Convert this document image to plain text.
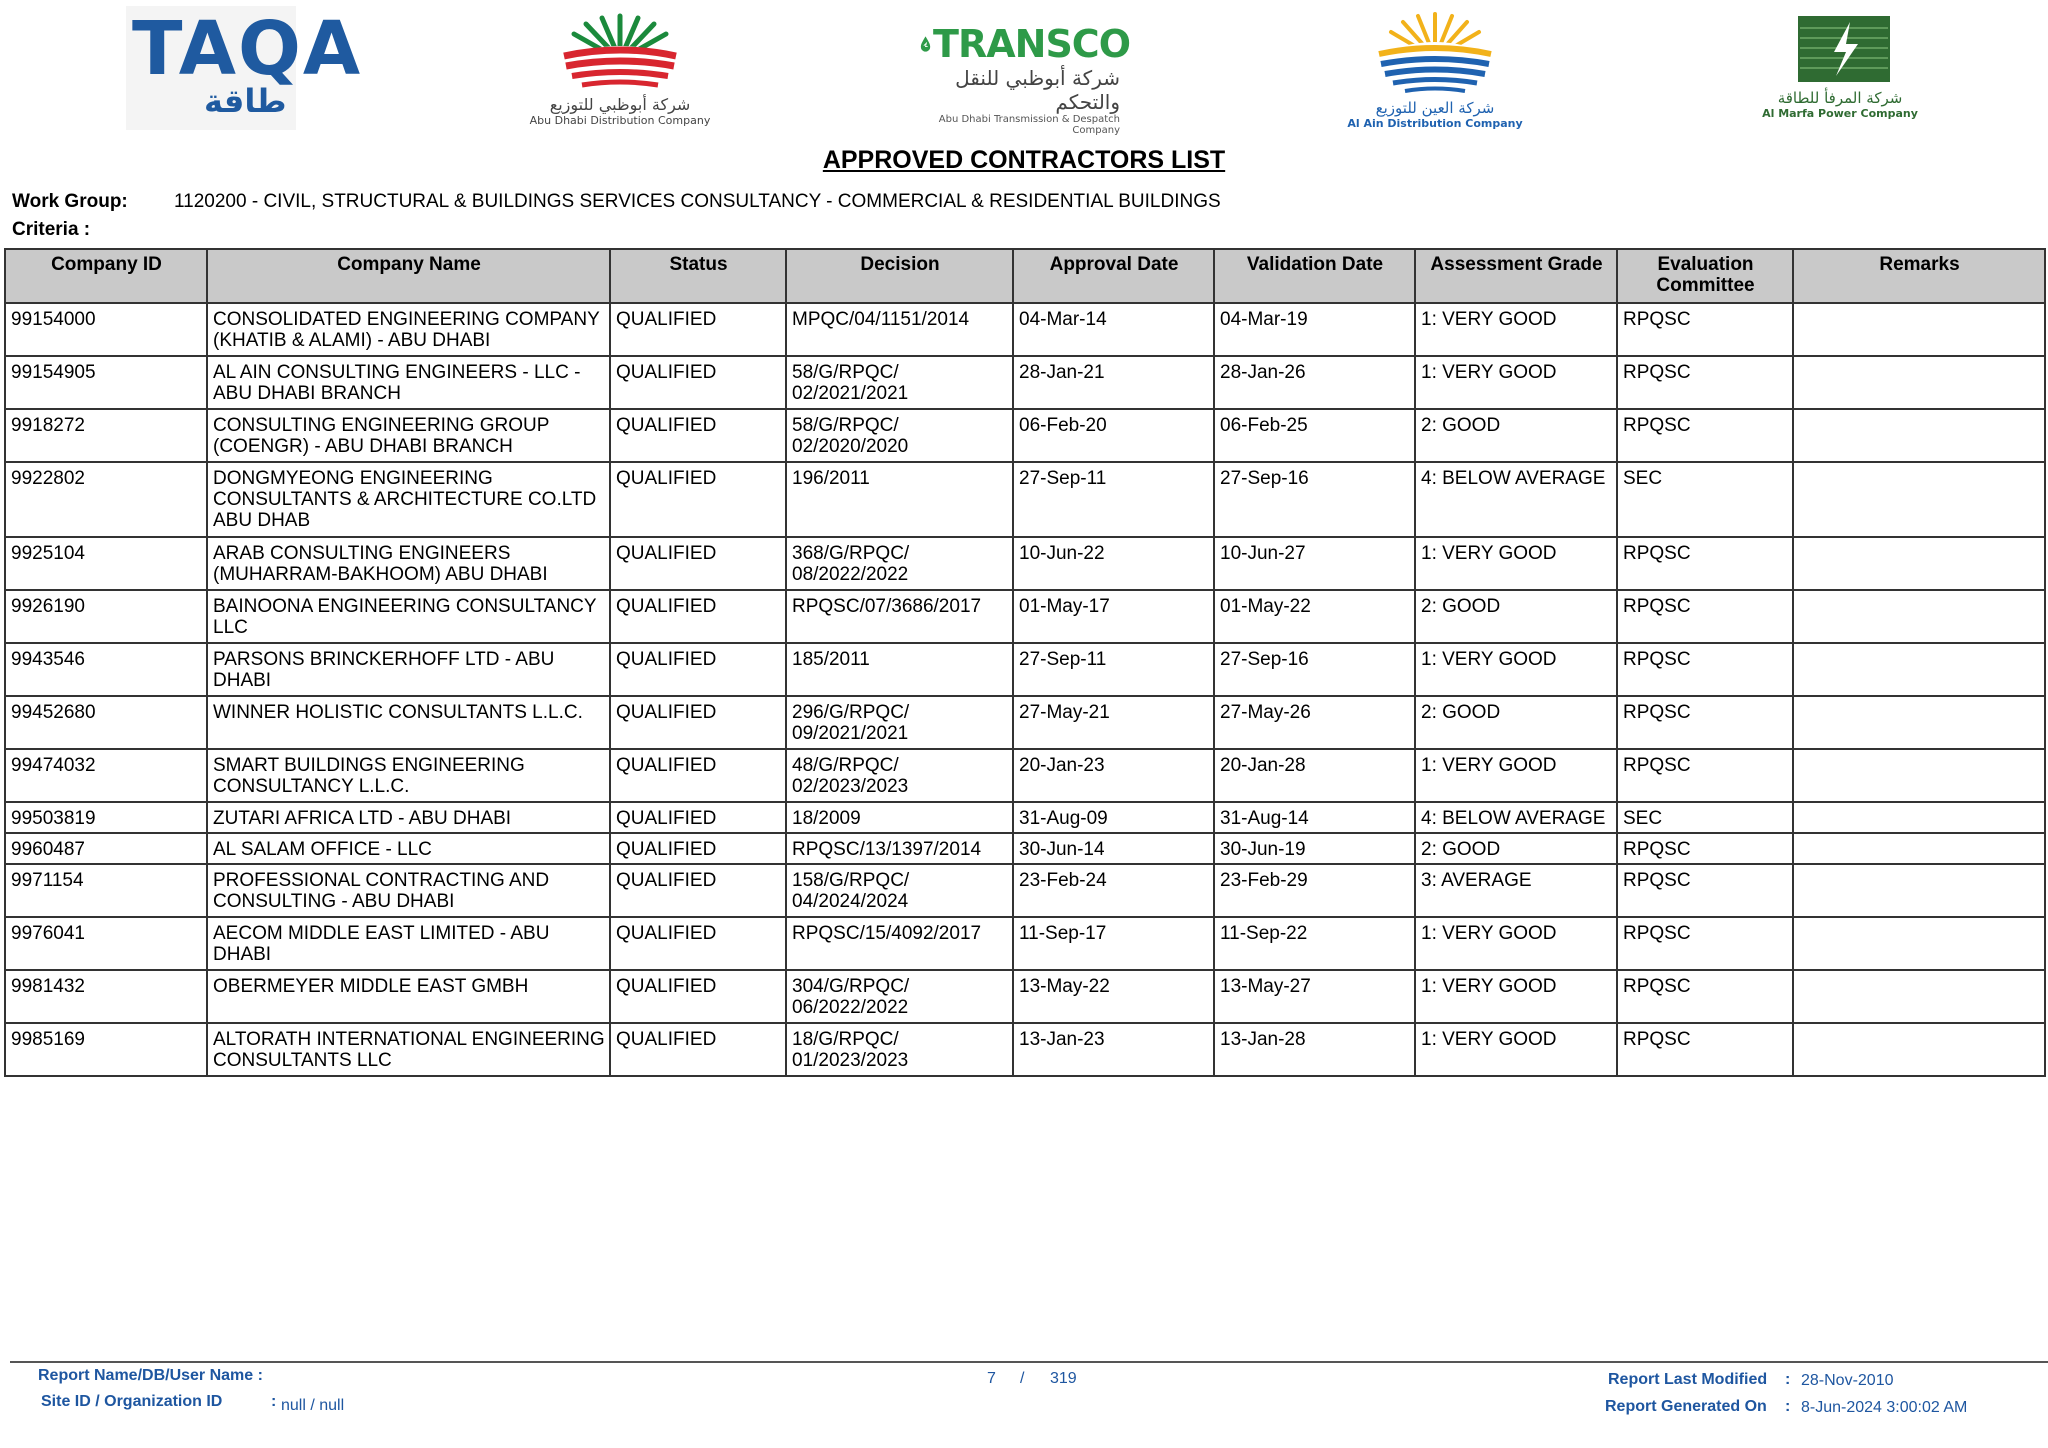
TAQA
طاقة	شركة أبوظبي للتوزيع
Abu Dhabi Distribution Company
TRANSCO
شركة أبوظبي للنقل والتحكم
Abu Dhabi Transmission & Despatch Company
شركة العين للتوزيع
Al Ain Distribution Company
شركة المرفأ للطاقة
Al Marfa Power Company
APPROVED CONTRACTORS LIST
Work Group: 1120200 - CIVIL, STRUCTURAL & BUILDINGS SERVICES CONSULTANCY - COMMERCIAL & RESIDENTIAL BUILDINGS
Criteria :
Company ID	Company Name	Status	Decision	Approval Date	Validation Date	Assessment Grade	Evaluation Committee	Remarks
99154000	CONSOLIDATED ENGINEERING COMPANY (KHATIB & ALAMI) - ABU DHABI	QUALIFIED	MPQC/04/1151/2014	04-Mar-14	04-Mar-19	1: VERY GOOD	RPQSC	
99154905	AL AIN CONSULTING ENGINEERS - LLC - ABU DHABI BRANCH	QUALIFIED	58/G/RPQC/ 02/2021/2021	28-Jan-21	28-Jan-26	1: VERY GOOD	RPQSC	
9918272	CONSULTING ENGINEERING GROUP (COENGR) - ABU DHABI BRANCH	QUALIFIED	58/G/RPQC/ 02/2020/2020	06-Feb-20	06-Feb-25	2: GOOD	RPQSC	
9922802	DONGMYEONG ENGINEERING CONSULTANTS & ARCHITECTURE CO.LTD ABU DHAB	QUALIFIED	196/2011	27-Sep-11	27-Sep-16	4: BELOW AVERAGE	SEC	
9925104	ARAB CONSULTING ENGINEERS (MUHARRAM-BAKHOOM) ABU DHABI	QUALIFIED	368/G/RPQC/ 08/2022/2022	10-Jun-22	10-Jun-27	1: VERY GOOD	RPQSC	
9926190	BAINOONA ENGINEERING CONSULTANCY LLC	QUALIFIED	RPQSC/07/3686/2017	01-May-17	01-May-22	2: GOOD	RPQSC	
9943546	PARSONS BRINCKERHOFF LTD - ABU DHABI	QUALIFIED	185/2011	27-Sep-11	27-Sep-16	1: VERY GOOD	RPQSC	
99452680	WINNER HOLISTIC CONSULTANTS L.L.C.	QUALIFIED	296/G/RPQC/ 09/2021/2021	27-May-21	27-May-26	2: GOOD	RPQSC	
99474032	SMART BUILDINGS ENGINEERING CONSULTANCY L.L.C.	QUALIFIED	48/G/RPQC/ 02/2023/2023	20-Jan-23	20-Jan-28	1: VERY GOOD	RPQSC	
99503819	ZUTARI AFRICA LTD - ABU DHABI	QUALIFIED	18/2009	31-Aug-09	31-Aug-14	4: BELOW AVERAGE	SEC	
9960487	AL SALAM OFFICE - LLC	QUALIFIED	RPQSC/13/1397/2014	30-Jun-14	30-Jun-19	2: GOOD	RPQSC	
9971154	PROFESSIONAL CONTRACTING AND CONSULTING - ABU DHABI	QUALIFIED	158/G/RPQC/ 04/2024/2024	23-Feb-24	23-Feb-29	3: AVERAGE	RPQSC	
9976041	AECOM MIDDLE EAST LIMITED - ABU DHABI	QUALIFIED	RPQSC/15/4092/2017	11-Sep-17	11-Sep-22	1: VERY GOOD	RPQSC	
9981432	OBERMEYER MIDDLE EAST GMBH	QUALIFIED	304/G/RPQC/ 06/2022/2022	13-May-22	13-May-27	1: VERY GOOD	RPQSC	
9985169	ALTORATH INTERNATIONAL ENGINEERING CONSULTANTS LLC	QUALIFIED	18/G/RPQC/ 01/2023/2023	13-Jan-23	13-Jan-28	1: VERY GOOD	RPQSC	
Report Name/DB/User Name :
Site ID / Organization ID	: null / null
7 / 319	Report Last Modified : 28-Nov-2010
Report Generated On : 8-Jun-2024 3:00:02 AM
